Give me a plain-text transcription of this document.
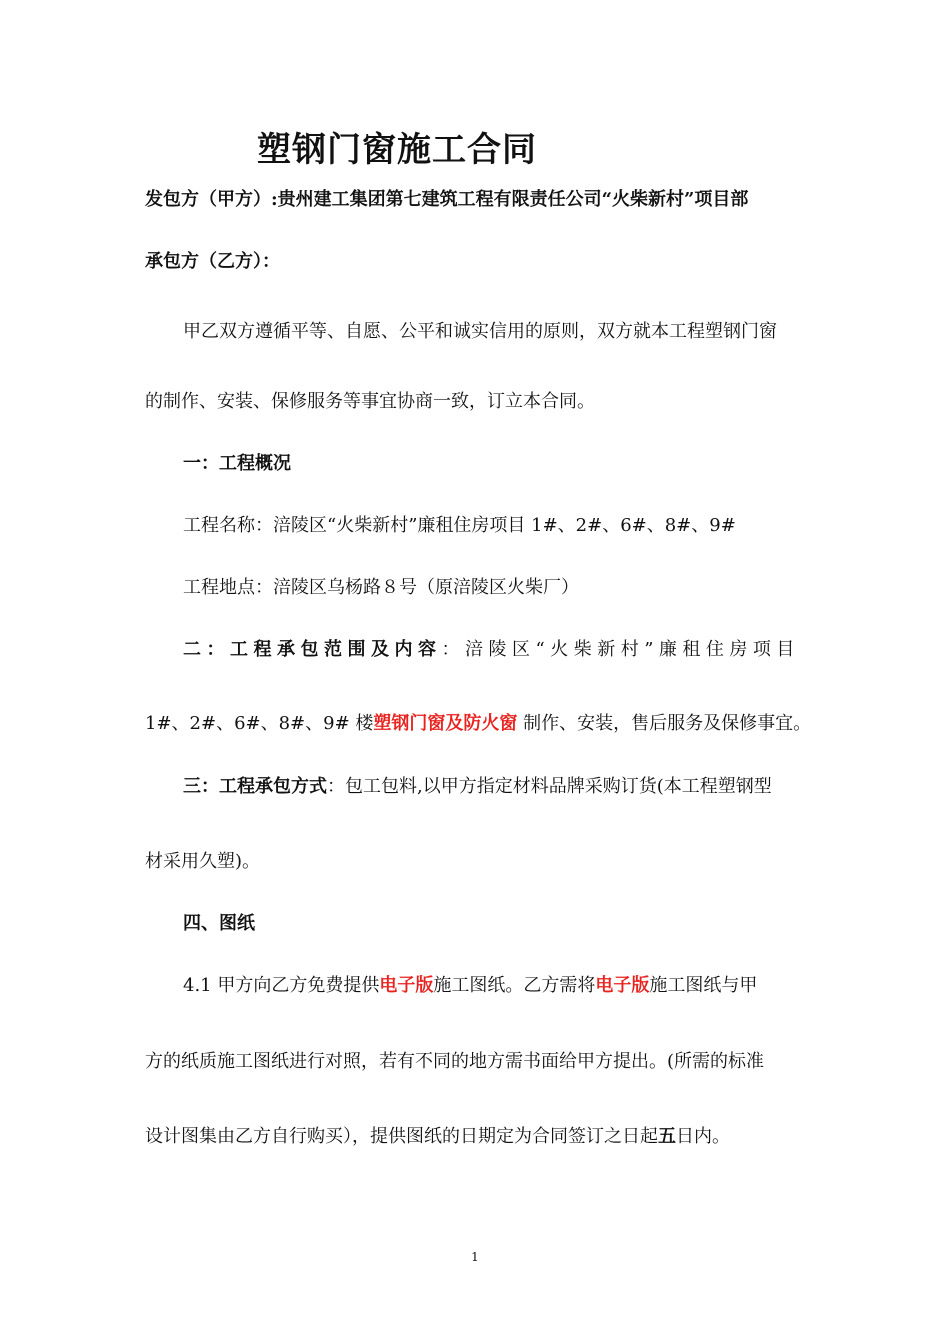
塑钢门窗施工合同
发包方（甲方）:贵州建工集团第七建筑工程有限责任公司“火柴新村”项目部
承包方（乙方）：
甲乙双方遵循平等、自愿、公平和诚实信用的原则，双方就本工程塑钢门窗
的制作、安装、保修服务等事宜协商一致，订立本合同。
一：工程概况
工程名称：涪陵区“火柴新村”廉租住房项目 1#、2#、6#、8#、9#
工程地点：涪陵区乌杨路８号（原涪陵区火柴厂）
二：工程承包范围及内容：涪陵区“火柴新村”廉租住房项目
1#、2#、6#、8#、9# 楼塑钢门窗及防火窗 制作、安装，售后服务及保修事宜。
三：工程承包方式：包工包料,以甲方指定材料品牌采购订货(本工程塑钢型
材采用久塑)。
四、图纸
4.1 甲方向乙方免费提供电子版施工图纸。乙方需将电子版施工图纸与甲
方的纸质施工图纸进行对照，若有不同的地方需书面给甲方提出。(所需的标准
设计图集由乙方自行购买），提供图纸的日期定为合同签订之日起五日内。
1
